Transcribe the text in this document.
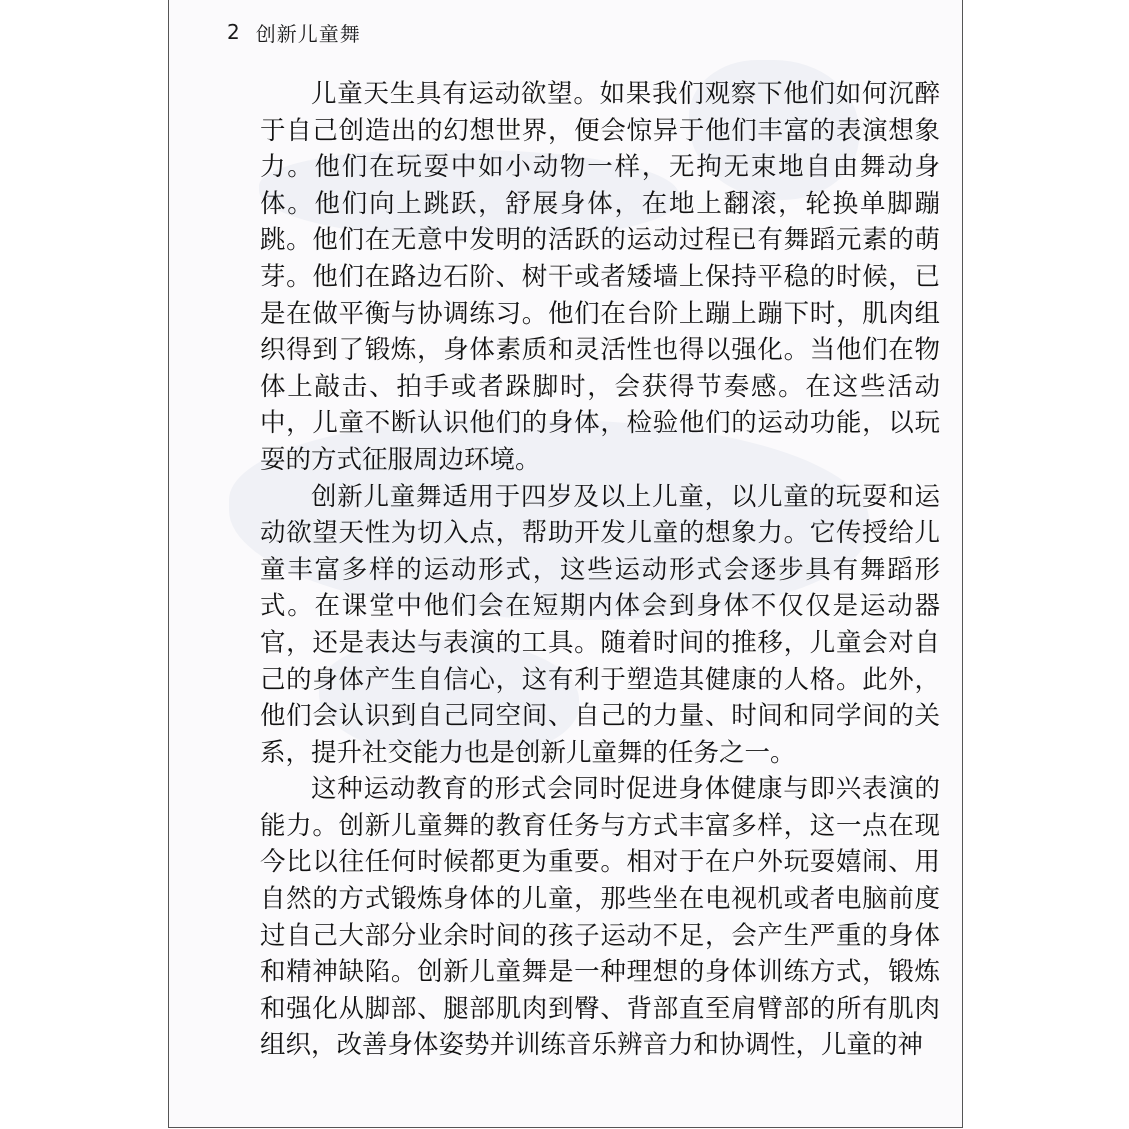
2 创新儿童舞

儿童天生具有运动欲望。如果我们观察下他们如何沉醉于自己创造出的幻想世界，便会惊异于他们丰富的表演想象力。他们在玩耍中如小动物一样，无拘无束地自由舞动身体。他们向上跳跃，舒展身体，在地上翻滚，轮换单脚蹦跳。他们在无意中发明的活跃的运动过程已有舞蹈元素的萌芽。他们在路边石阶、树干或者矮墙上保持平稳的时候，已是在做平衡与协调练习。他们在台阶上蹦上蹦下时，肌肉组织得到了锻炼，身体素质和灵活性也得以强化。当他们在物体上敲击、拍手或者跺脚时，会获得节奏感。在这些活动中，儿童不断认识他们的身体，检验他们的运动功能，以玩耍的方式征服周边环境。

创新儿童舞适用于四岁及以上儿童，以儿童的玩耍和运动欲望天性为切入点，帮助开发儿童的想象力。它传授给儿童丰富多样的运动形式，这些运动形式会逐步具有舞蹈形式。在课堂中他们会在短期内体会到身体不仅仅是运动器官，还是表达与表演的工具。随着时间的推移，儿童会对自己的身体产生自信心，这有利于塑造其健康的人格。此外，他们会认识到自己同空间、自己的力量、时间和同学间的关系，提升社交能力也是创新儿童舞的任务之一。

这种运动教育的形式会同时促进身体健康与即兴表演的能力。创新儿童舞的教育任务与方式丰富多样，这一点在现今比以往任何时候都更为重要。相对于在户外玩耍嬉闹、用自然的方式锻炼身体的儿童，那些坐在电视机或者电脑前度过自己大部分业余时间的孩子运动不足，会产生严重的身体和精神缺陷。创新儿童舞是一种理想的身体训练方式，锻炼和强化从脚部、腿部肌肉到臀、背部直至肩臂部的所有肌肉组织，改善身体姿势并训练音乐辨音力和协调性，儿童的神
